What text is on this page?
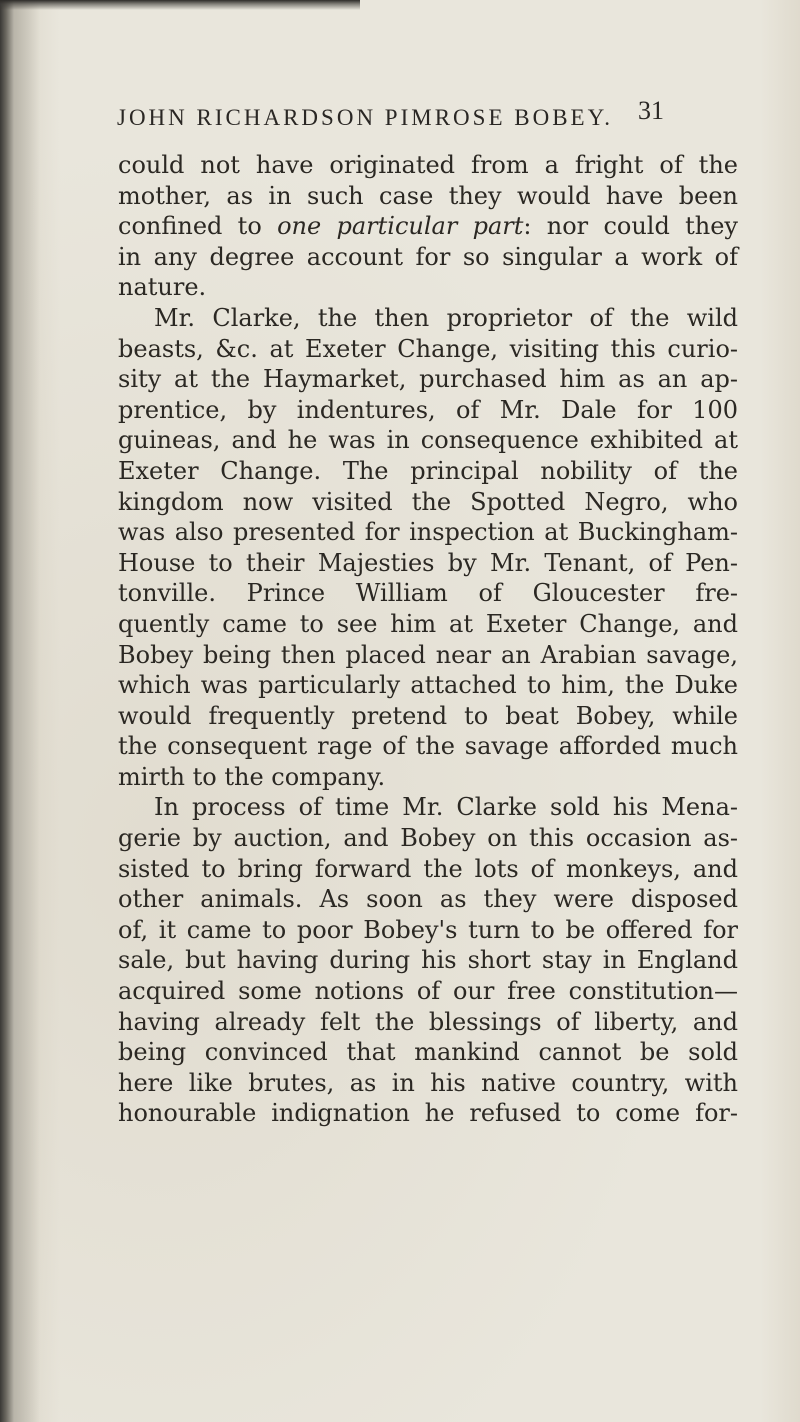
JOHN RICHARDSON PIMROSE BOBEY. 31
could not have originated from a fright of the
mother, as in such case they would have been
confined to one particular part: nor could they
in any degree account for so singular a work of
nature.
Mr. Clarke, the then proprietor of the wild
beasts, &c. at Exeter Change, visiting this curio-
sity at the Haymarket, purchased him as an ap-
prentice, by indentures, of Mr. Dale for 100
guineas, and he was in consequence exhibited at
Exeter Change. The principal nobility of the
kingdom now visited the Spotted Negro, who
was also presented for inspection at Buckingham-
House to their Majesties by Mr. Tenant, of Pen-
tonville. Prince William of Gloucester fre-
quently came to see him at Exeter Change, and
Bobey being then placed near an Arabian savage,
which was particularly attached to him, the Duke
would frequently pretend to beat Bobey, while
the consequent rage of the savage afforded much
mirth to the company.
In process of time Mr. Clarke sold his Mena-
gerie by auction, and Bobey on this occasion as-
sisted to bring forward the lots of monkeys, and
other animals. As soon as they were disposed
of, it came to poor Bobey's turn to be offered for
sale, but having during his short stay in England
acquired some notions of our free constitution—
having already felt the blessings of liberty, and
being convinced that mankind cannot be sold
here like brutes, as in his native country, with
honourable indignation he refused to come for-
